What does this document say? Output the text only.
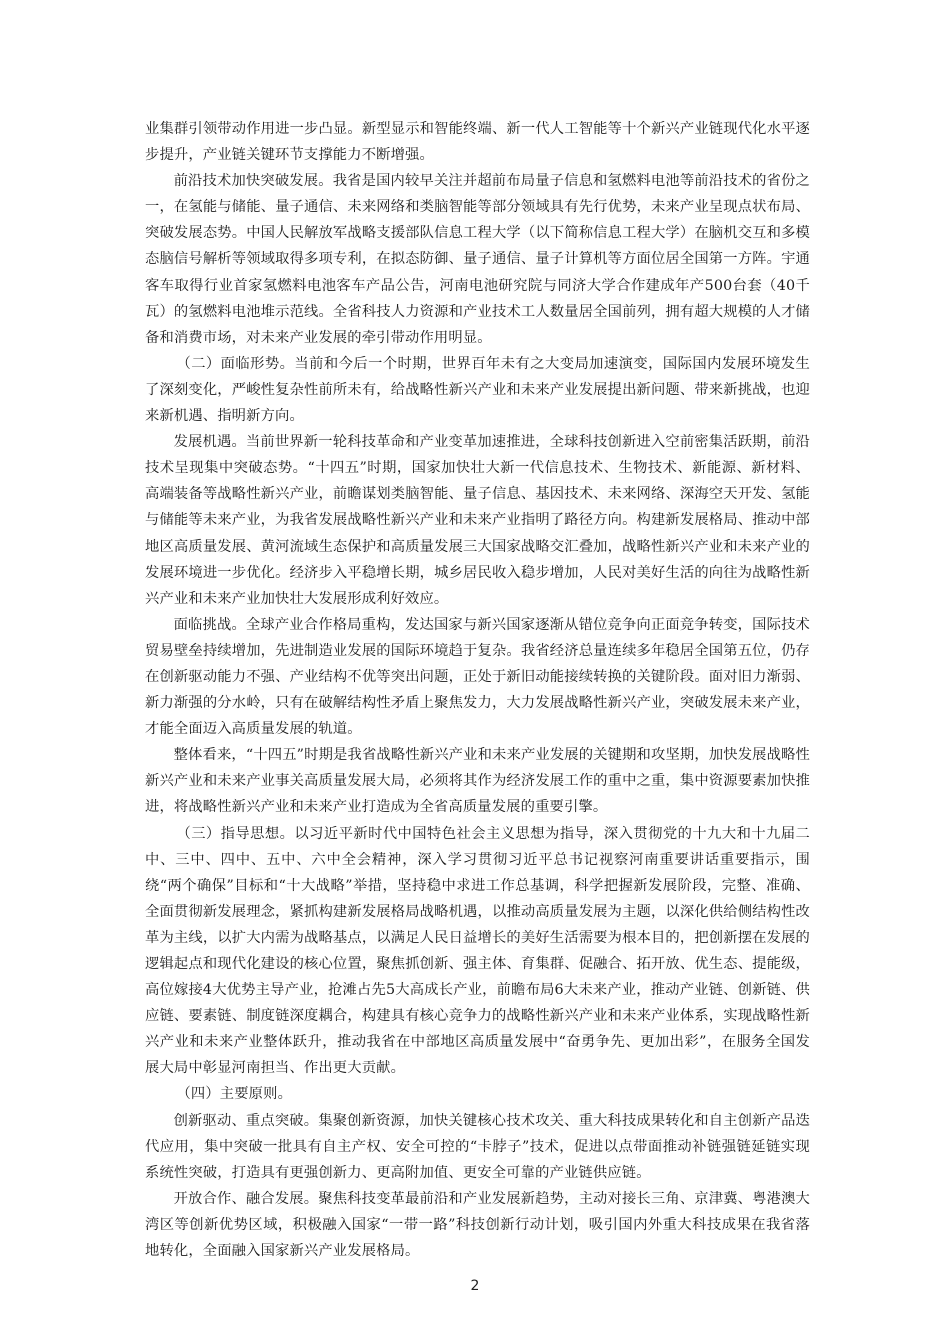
业集群引领带动作用进一步凸显。新型显示和智能终端、新一代人工智能等十个新兴产业链现代化水平逐步提升，产业链关键环节支撑能力不断增强。

前沿技术加快突破发展。我省是国内较早关注并超前布局量子信息和氢燃料电池等前沿技术的省份之一，在氢能与储能、量子通信、未来网络和类脑智能等部分领域具有先行优势，未来产业呈现点状布局、突破发展态势。中国人民解放军战略支援部队信息工程大学（以下简称信息工程大学）在脑机交互和多模态脑信号解析等领域取得多项专利，在拟态防御、量子通信、量子计算机等方面位居全国第一方阵。宇通客车取得行业首家氢燃料电池客车产品公告，河南电池研究院与同济大学合作建成年产500台套（40千瓦）的氢燃料电池堆示范线。全省科技人力资源和产业技术工人数量居全国前列，拥有超大规模的人才储备和消费市场，对未来产业发展的牵引带动作用明显。

（二）面临形势。当前和今后一个时期，世界百年未有之大变局加速演变，国际国内发展环境发生了深刻变化，严峻性复杂性前所未有，给战略性新兴产业和未来产业发展提出新问题、带来新挑战，也迎来新机遇、指明新方向。

发展机遇。当前世界新一轮科技革命和产业变革加速推进，全球科技创新进入空前密集活跃期，前沿技术呈现集中突破态势。“十四五”时期，国家加快壮大新一代信息技术、生物技术、新能源、新材料、高端装备等战略性新兴产业，前瞻谋划类脑智能、量子信息、基因技术、未来网络、深海空天开发、氢能与储能等未来产业，为我省发展战略性新兴产业和未来产业指明了路径方向。构建新发展格局、推动中部地区高质量发展、黄河流域生态保护和高质量发展三大国家战略交汇叠加，战略性新兴产业和未来产业的发展环境进一步优化。经济步入平稳增长期，城乡居民收入稳步增加，人民对美好生活的向往为战略性新兴产业和未来产业加快壮大发展形成利好效应。

面临挑战。全球产业合作格局重构，发达国家与新兴国家逐渐从错位竞争向正面竞争转变，国际技术贸易壁垒持续增加，先进制造业发展的国际环境趋于复杂。我省经济总量连续多年稳居全国第五位，仍存在创新驱动能力不强、产业结构不优等突出问题，正处于新旧动能接续转换的关键阶段。面对旧力渐弱、新力渐强的分水岭，只有在破解结构性矛盾上聚焦发力，大力发展战略性新兴产业，突破发展未来产业，才能全面迈入高质量发展的轨道。

整体看来，“十四五”时期是我省战略性新兴产业和未来产业发展的关键期和攻坚期，加快发展战略性新兴产业和未来产业事关高质量发展大局，必须将其作为经济发展工作的重中之重，集中资源要素加快推进，将战略性新兴产业和未来产业打造成为全省高质量发展的重要引擎。

（三）指导思想。以习近平新时代中国特色社会主义思想为指导，深入贯彻党的十九大和十九届二中、三中、四中、五中、六中全会精神，深入学习贯彻习近平总书记视察河南重要讲话重要指示，围绕“两个确保”目标和“十大战略”举措，坚持稳中求进工作总基调，科学把握新发展阶段，完整、准确、全面贯彻新发展理念，紧抓构建新发展格局战略机遇，以推动高质量发展为主题，以深化供给侧结构性改革为主线，以扩大内需为战略基点，以满足人民日益增长的美好生活需要为根本目的，把创新摆在发展的逻辑起点和现代化建设的核心位置，聚焦抓创新、强主体、育集群、促融合、拓开放、优生态、提能级，高位嫁接4大优势主导产业，抢滩占先5大高成长产业，前瞻布局6大未来产业，推动产业链、创新链、供应链、要素链、制度链深度耦合，构建具有核心竞争力的战略性新兴产业和未来产业体系，实现战略性新兴产业和未来产业整体跃升，推动我省在中部地区高质量发展中“奋勇争先、更加出彩”，在服务全国发展大局中彰显河南担当、作出更大贡献。

（四）主要原则。

创新驱动、重点突破。集聚创新资源，加快关键核心技术攻关、重大科技成果转化和自主创新产品迭代应用，集中突破一批具有自主产权、安全可控的“卡脖子”技术，促进以点带面推动补链强链延链实现系统性突破，打造具有更强创新力、更高附加值、更安全可靠的产业链供应链。

开放合作、融合发展。聚焦科技变革最前沿和产业发展新趋势，主动对接长三角、京津冀、粤港澳大湾区等创新优势区域，积极融入国家“一带一路”科技创新行动计划，吸引国内外重大科技成果在我省落地转化，全面融入国家新兴产业发展格局。

2
